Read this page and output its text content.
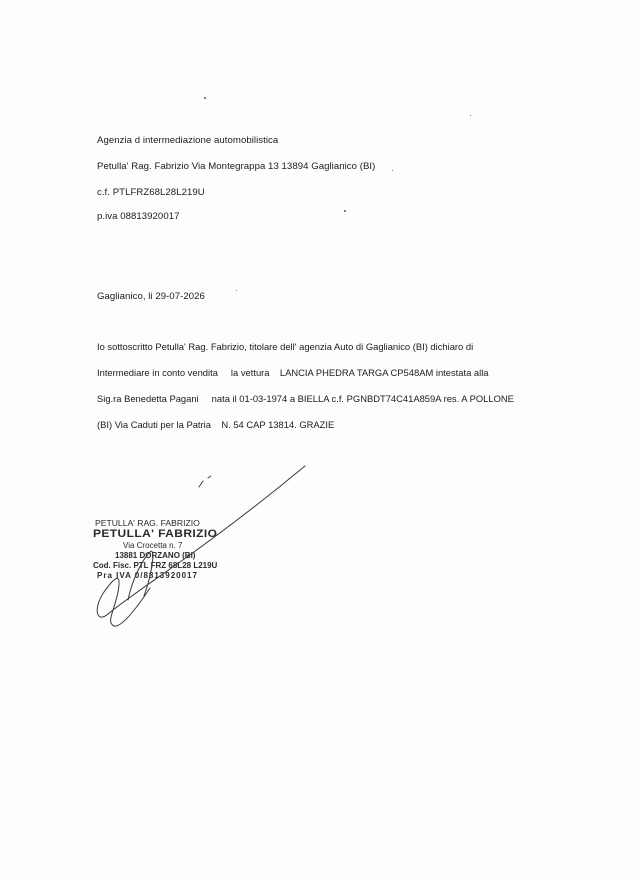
Agenzia d intermediazione automobilistica
Petulla' Rag. Fabrizio Via Montegrappa 13 13894 Gaglianico (BI)
c.f. PTLFRZ68L28L219U
p.iva 08813920017
Gaglianico, li 29-07-2026
Io sottoscritto Petulla' Rag. Fabrizio, titolare dell' agenzia Auto di Gaglianico (BI) dichiaro di
Intermediare in conto vendita     la vettura    LANCIA PHEDRA TARGA CP548AM intestata alla
Sig.ra Benedetta Pagani     nata il 01-03-1974 a BIELLA c.f. PGNBDT74C41A859A res. A POLLONE
(BI) Via Caduti per la Patria    N. 54 CAP 13814. GRAZIE
PETULLA' RAG. FABRIZIO
PETULLA' FABRIZIO
Via Crocetta n. 7
13881 DORZANO (BI)
Cod. Fisc. PTL FRZ 68L28 L219U
Pra IVA 0/8813920017
